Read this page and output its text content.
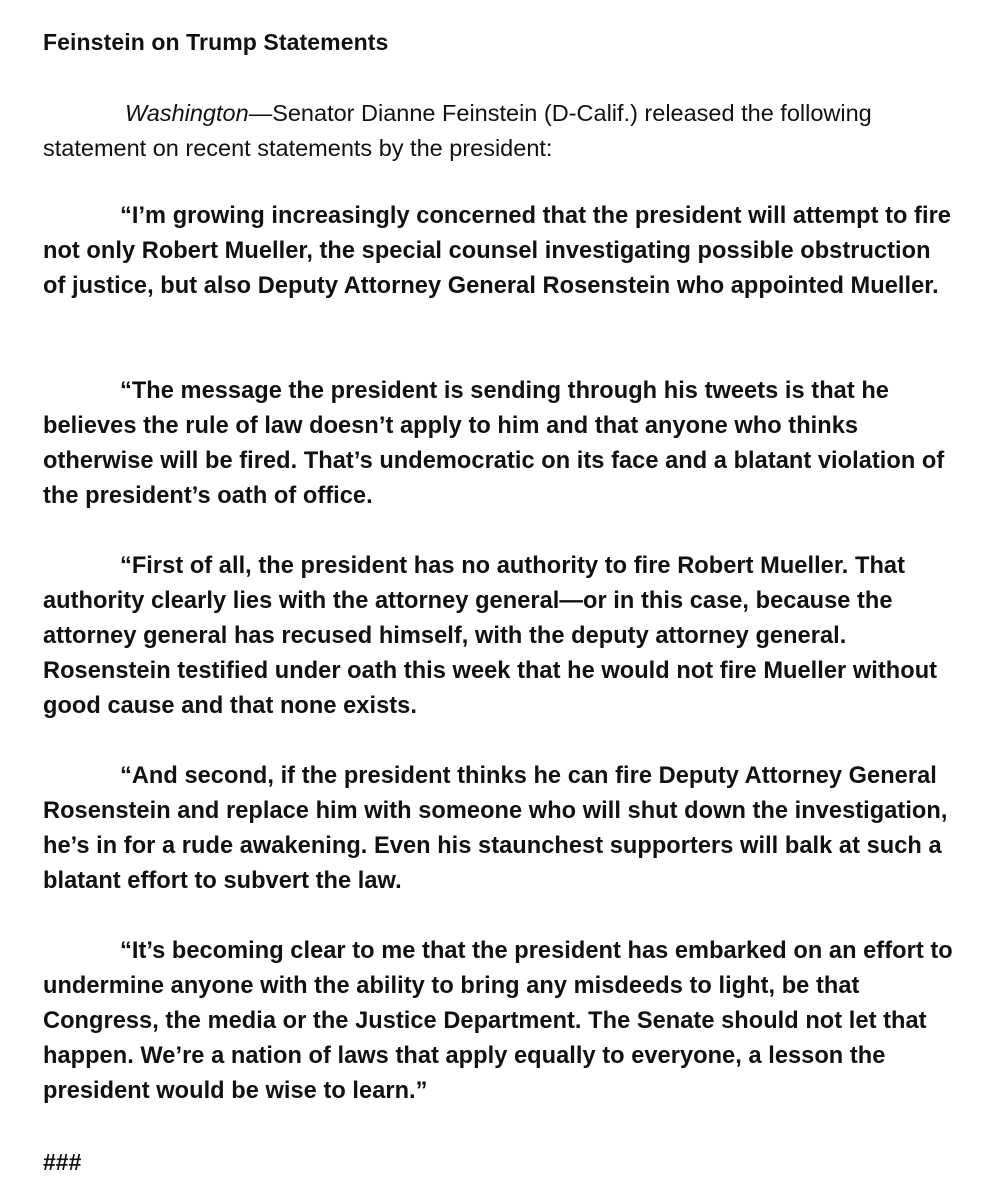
Feinstein on Trump Statements

Washington—Senator Dianne Feinstein (D-Calif.) released the following statement on recent statements by the president:

“I’m growing increasingly concerned that the president will attempt to fire not only Robert Mueller, the special counsel investigating possible obstruction of justice, but also Deputy Attorney General Rosenstein who appointed Mueller.

“The message the president is sending through his tweets is that he believes the rule of law doesn’t apply to him and that anyone who thinks otherwise will be fired. That’s undemocratic on its face and a blatant violation of the president’s oath of office.

“First of all, the president has no authority to fire Robert Mueller. That authority clearly lies with the attorney general—or in this case, because the attorney general has recused himself, with the deputy attorney general. Rosenstein testified under oath this week that he would not fire Mueller without good cause and that none exists.

“And second, if the president thinks he can fire Deputy Attorney General Rosenstein and replace him with someone who will shut down the investigation, he’s in for a rude awakening. Even his staunchest supporters will balk at such a blatant effort to subvert the law.

“It’s becoming clear to me that the president has embarked on an effort to undermine anyone with the ability to bring any misdeeds to light, be that Congress, the media or the Justice Department. The Senate should not let that happen. We’re a nation of laws that apply equally to everyone, a lesson the president would be wise to learn.”

###
